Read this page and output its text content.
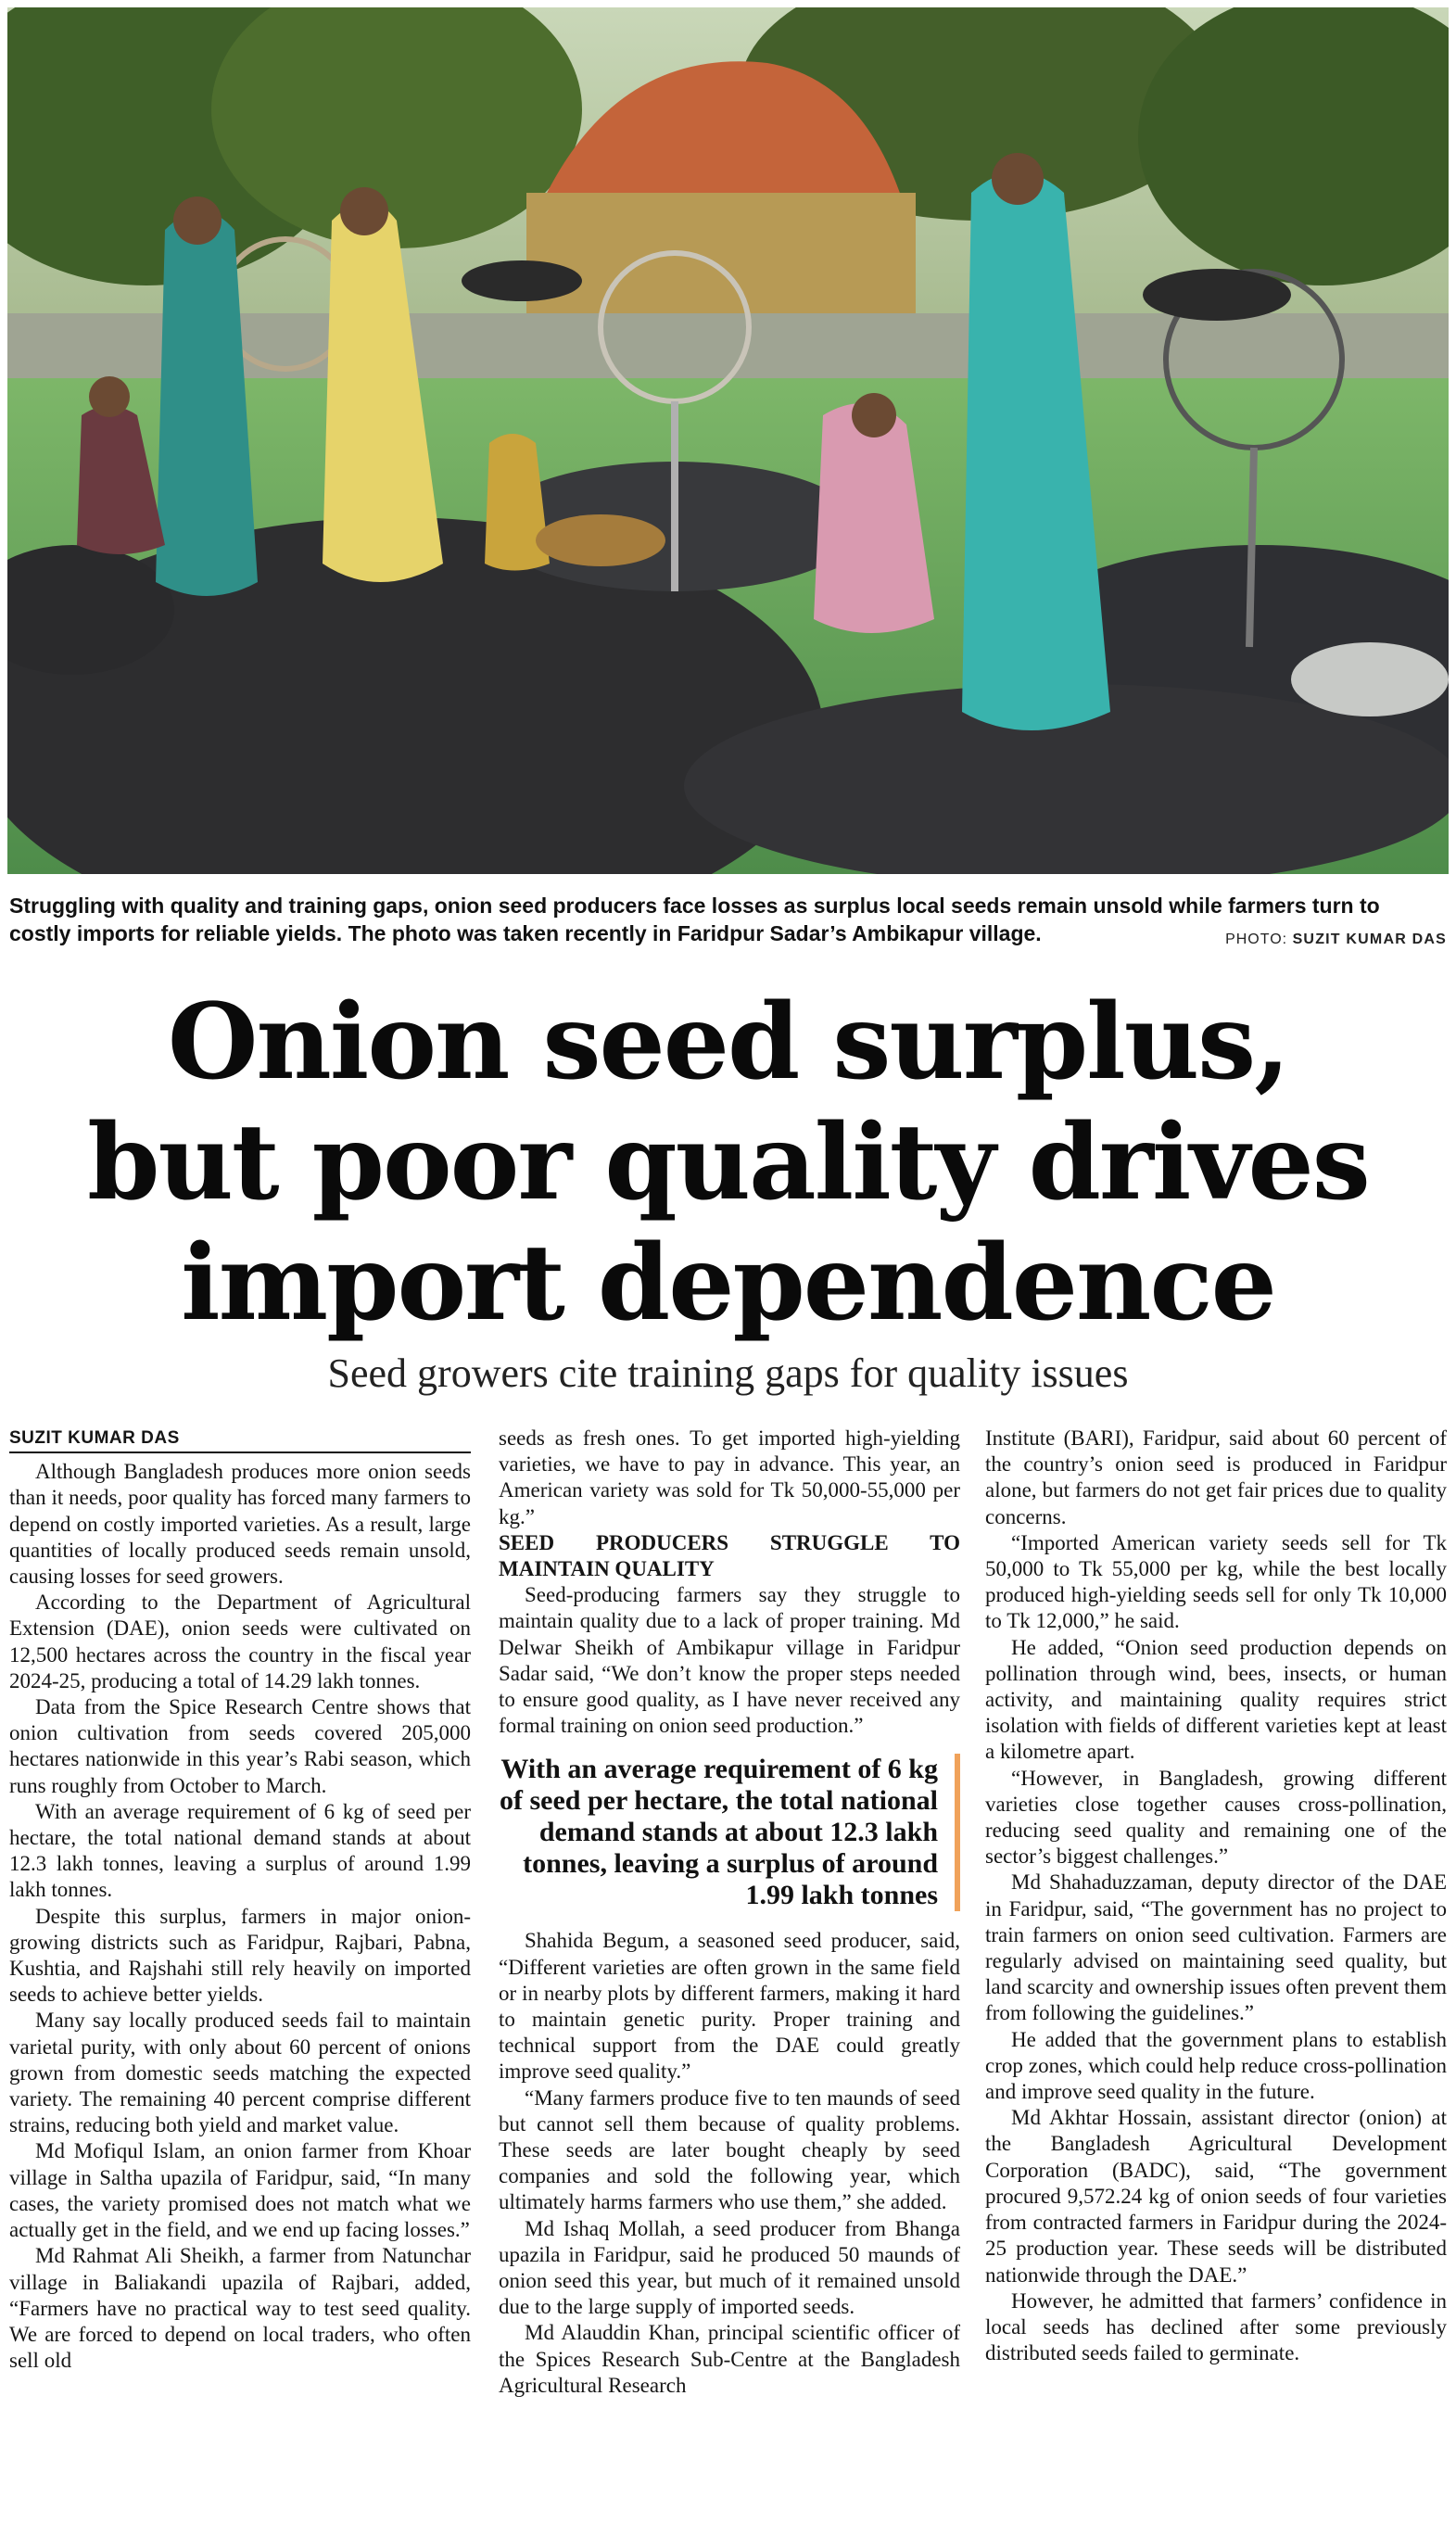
Struggling with quality and training gaps, onion seed producers face losses as surplus local seeds remain unsold while farmers turn to costly imports for reliable yields. The photo was taken recently in Faridpur Sadar’s Ambikapur village.	PHOTO: SUZIT KUMAR DAS
Onion seed surplus,
but poor quality drives
import dependence
Seed growers cite training gaps for quality issues

SUZIT KUMAR DAS

Although Bangladesh produces more onion seeds than it needs, poor quality has forced many farmers to depend on costly imported varieties. As a result, large quantities of locally produced seeds remain unsold, causing losses for seed growers.

According to the Department of Agricultural Extension (DAE), onion seeds were cultivated on 12,500 hectares across the country in the fiscal year 2024-25, producing a total of 14.29 lakh tonnes.

Data from the Spice Research Centre shows that onion cultivation from seeds covered 205,000 hectares nationwide in this year’s Rabi season, which runs roughly from October to March.

With an average requirement of 6 kg of seed per hectare, the total national demand stands at about 12.3 lakh tonnes, leaving a surplus of around 1.99 lakh tonnes.

Despite this surplus, farmers in major onion-growing districts such as Faridpur, Rajbari, Pabna, Kushtia, and Rajshahi still rely heavily on imported seeds to achieve better yields.

Many say locally produced seeds fail to maintain varietal purity, with only about 60 percent of onions grown from domestic seeds matching the expected variety. The remaining 40 percent comprise different strains, reducing both yield and market value.

Md Mofiqul Islam, an onion farmer from Khoar village in Saltha upazila of Faridpur, said, “In many cases, the variety promised does not match what we actually get in the field, and we end up facing losses.”

Md Rahmat Ali Sheikh, a farmer from Natunchar village in Baliakandi upazila of Rajbari, added, “Farmers have no practical way to test seed quality. We are forced to depend on local traders, who often sell old

seeds as fresh ones. To get imported high-yielding varieties, we have to pay in advance. This year, an American variety was sold for Tk 50,000-55,000 per kg.”

SEED PRODUCERS STRUGGLE TO MAINTAIN QUALITY

Seed-producing farmers say they struggle to maintain quality due to a lack of proper training. Md Delwar Sheikh of Ambikapur village in Faridpur Sadar said, “We don’t know the proper steps needed to ensure good quality, as I have never received any formal training on onion seed production.”

With an average requirement of 6 kg of seed per hectare, the total national demand stands at about 12.3 lakh tonnes, leaving a surplus of around 1.99 lakh tonnes

Shahida Begum, a seasoned seed producer, said, “Different varieties are often grown in the same field or in nearby plots by different farmers, making it hard to maintain genetic purity. Proper training and technical support from the DAE could greatly improve seed quality.”

“Many farmers produce five to ten maunds of seed but cannot sell them because of quality problems. These seeds are later bought cheaply by seed companies and sold the following year, which ultimately harms farmers who use them,” she added.

Md Ishaq Mollah, a seed producer from Bhanga upazila in Faridpur, said he produced 50 maunds of onion seed this year, but much of it remained unsold due to the large supply of imported seeds.

Md Alauddin Khan, principal scientific officer of the Spices Research Sub-Centre at the Bangladesh Agricultural Research

Institute (BARI), Faridpur, said about 60 percent of the country’s onion seed is produced in Faridpur alone, but farmers do not get fair prices due to quality concerns.

“Imported American variety seeds sell for Tk 50,000 to Tk 55,000 per kg, while the best locally produced high-yielding seeds sell for only Tk 10,000 to Tk 12,000,” he said.

He added, “Onion seed production depends on pollination through wind, bees, insects, or human activity, and maintaining quality requires strict isolation with fields of different varieties kept at least a kilometre apart.

“However, in Bangladesh, growing different varieties close together causes cross-pollination, reducing seed quality and remaining one of the sector’s biggest challenges.”

Md Shahaduzzaman, deputy director of the DAE in Faridpur, said, “The government has no project to train farmers on onion seed cultivation. Farmers are regularly advised on maintaining seed quality, but land scarcity and ownership issues often prevent them from following the guidelines.”

He added that the government plans to establish crop zones, which could help reduce cross-pollination and improve seed quality in the future.

Md Akhtar Hossain, assistant director (onion) at the Bangladesh Agricultural Development Corporation (BADC), said, “The government procured 9,572.24 kg of onion seeds of four varieties from contracted farmers in Faridpur during the 2024-25 production year. These seeds will be distributed nationwide through the DAE.”

However, he admitted that farmers’ confidence in local seeds has declined after some previously distributed seeds failed to germinate.
